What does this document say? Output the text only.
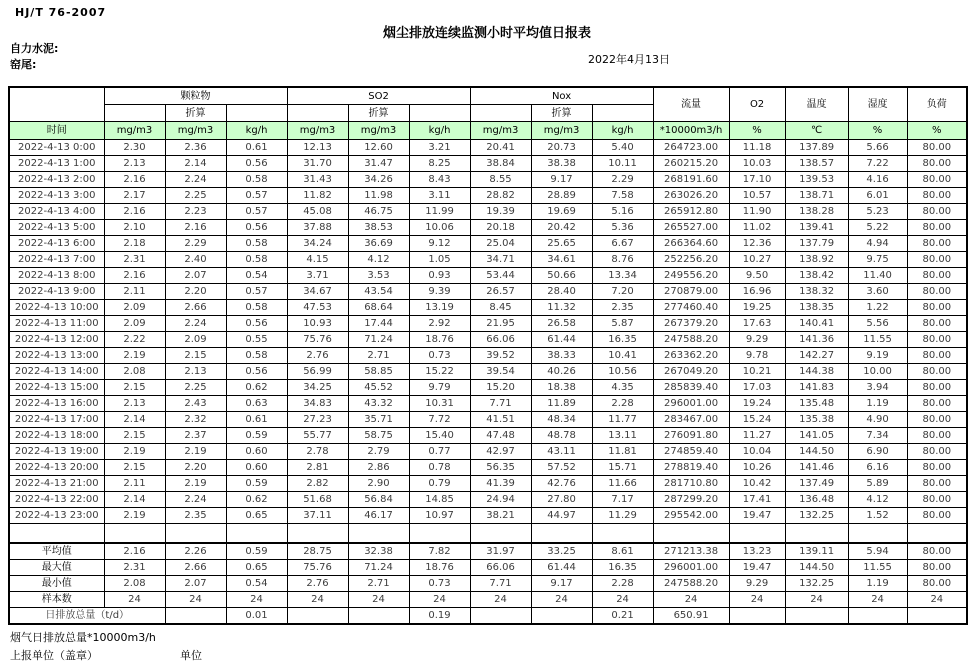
HJ/T 76-2007
烟尘排放连续监测小时平均值日报表
自力水泥:
窑尾:	2022年4月13日
	颗粒物			SO2			Nox			流量	O2	温度	湿度	负荷
		折算			折算			折算						
时间	mg/m3	mg/m3	kg/h	mg/m3	mg/m3	kg/h	mg/m3	mg/m3	kg/h	*10000m3/h	%	℃	%	%
2022-4-13 0:00	2.30	2.36	0.61	12.13	12.60	3.21	20.41	20.73	5.40	264723.00	11.18	137.89	5.66	80.00
2022-4-13 1:00	2.13	2.14	0.56	31.70	31.47	8.25	38.84	38.38	10.11	260215.20	10.03	138.57	7.22	80.00
2022-4-13 2:00	2.16	2.24	0.58	31.43	34.26	8.43	8.55	9.17	2.29	268191.60	17.10	139.53	4.16	80.00
2022-4-13 3:00	2.17	2.25	0.57	11.82	11.98	3.11	28.82	28.89	7.58	263026.20	10.57	138.71	6.01	80.00
2022-4-13 4:00	2.16	2.23	0.57	45.08	46.75	11.99	19.39	19.69	5.16	265912.80	11.90	138.28	5.23	80.00
2022-4-13 5:00	2.10	2.16	0.56	37.88	38.53	10.06	20.18	20.42	5.36	265527.00	11.02	139.41	5.22	80.00
2022-4-13 6:00	2.18	2.29	0.58	34.24	36.69	9.12	25.04	25.65	6.67	266364.60	12.36	137.79	4.94	80.00
2022-4-13 7:00	2.31	2.40	0.58	4.15	4.12	1.05	34.71	34.61	8.76	252256.20	10.27	138.92	9.75	80.00
2022-4-13 8:00	2.16	2.07	0.54	3.71	3.53	0.93	53.44	50.66	13.34	249556.20	9.50	138.42	11.40	80.00
2022-4-13 9:00	2.11	2.20	0.57	34.67	43.54	9.39	26.57	28.40	7.20	270879.00	16.96	138.32	3.60	80.00
2022-4-13 10:00	2.09	2.66	0.58	47.53	68.64	13.19	8.45	11.32	2.35	277460.40	19.25	138.35	1.22	80.00
2022-4-13 11:00	2.09	2.24	0.56	10.93	17.44	2.92	21.95	26.58	5.87	267379.20	17.63	140.41	5.56	80.00
2022-4-13 12:00	2.22	2.09	0.55	75.76	71.24	18.76	66.06	61.44	16.35	247588.20	9.29	141.36	11.55	80.00
2022-4-13 13:00	2.19	2.15	0.58	2.76	2.71	0.73	39.52	38.33	10.41	263362.20	9.78	142.27	9.19	80.00
2022-4-13 14:00	2.08	2.13	0.56	56.99	58.85	15.22	39.54	40.26	10.56	267049.20	10.21	144.38	10.00	80.00
2022-4-13 15:00	2.15	2.25	0.62	34.25	45.52	9.79	15.20	18.38	4.35	285839.40	17.03	141.83	3.94	80.00
2022-4-13 16:00	2.13	2.43	0.63	34.83	43.32	10.31	7.71	11.89	2.28	296001.00	19.24	135.48	1.19	80.00
2022-4-13 17:00	2.14	2.32	0.61	27.23	35.71	7.72	41.51	48.34	11.77	283467.00	15.24	135.38	4.90	80.00
2022-4-13 18:00	2.15	2.37	0.59	55.77	58.75	15.40	47.48	48.78	13.11	276091.80	11.27	141.05	7.34	80.00
2022-4-13 19:00	2.19	2.19	0.60	2.78	2.79	0.77	42.97	43.11	11.81	274859.40	10.04	144.50	6.90	80.00
2022-4-13 20:00	2.15	2.20	0.60	2.81	2.86	0.78	56.35	57.52	15.71	278819.40	10.26	141.46	6.16	80.00
2022-4-13 21:00	2.11	2.19	0.59	2.82	2.90	0.79	41.39	42.76	11.66	281710.80	10.42	137.49	5.89	80.00
2022-4-13 22:00	2.14	2.24	0.62	51.68	56.84	14.85	24.94	27.80	7.17	287299.20	17.41	136.48	4.12	80.00
2022-4-13 23:00	2.19	2.35	0.65	37.11	46.17	10.97	38.21	44.97	11.29	295542.00	19.47	132.25	1.52	80.00

平均值	2.16	2.26	0.59	28.75	32.38	7.82	31.97	33.25	8.61	271213.38	13.23	139.11	5.94	80.00
最大值	2.31	2.66	0.65	75.76	71.24	18.76	66.06	61.44	16.35	296001.00	19.47	144.50	11.55	80.00
最小值	2.08	2.07	0.54	2.76	2.71	0.73	7.71	9.17	2.28	247588.20	9.29	132.25	1.19	80.00
样本数	24	24	24	24	24	24	24	24	24	24	24	24	24	24
日排放总量（t/d）			0.01			0.19			0.21	650.91				
烟气日排放总量*10000m3/h
上报单位（盖章）	单位
